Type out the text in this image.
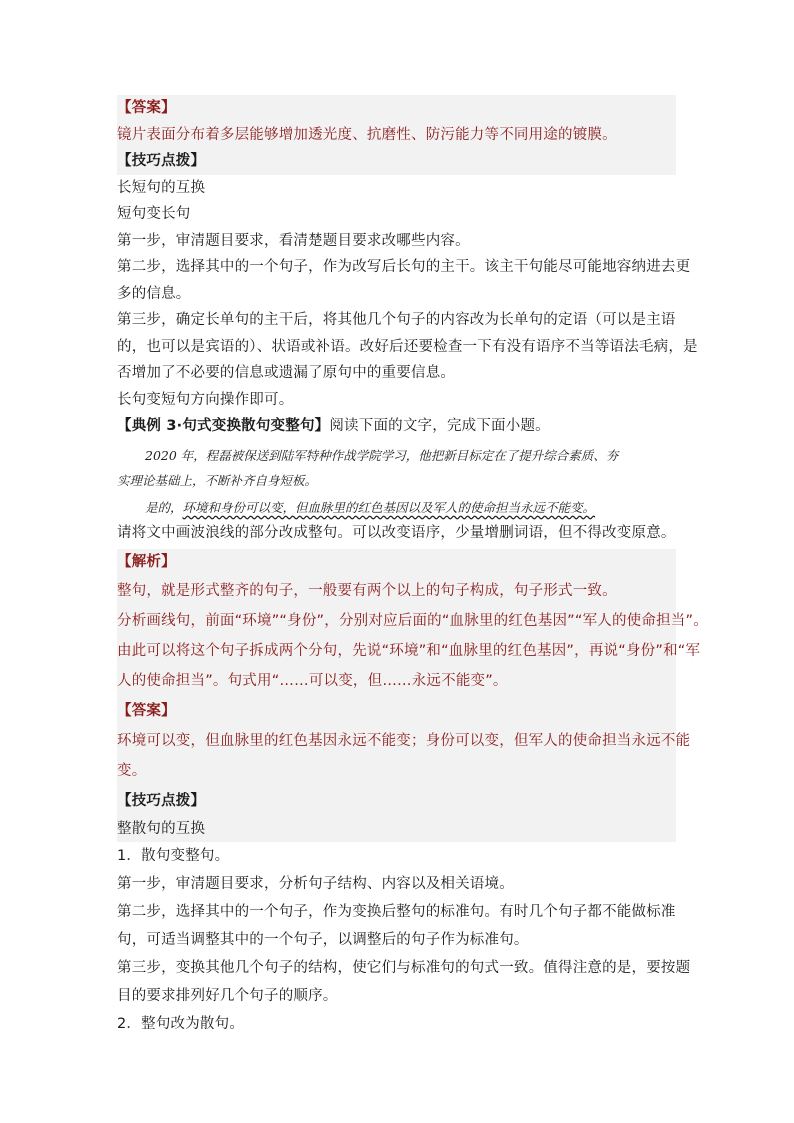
【答案】
镜片表面分布着多层能够增加透光度、抗磨性、防污能力等不同用途的镀膜。
【技巧点拨】
长短句的互换
短句变长句
第一步，审清题目要求，看清楚题目要求改哪些内容。
第二步，选择其中的一个句子，作为改写后长句的主干。该主干句能尽可能地容纳进去更
多的信息。
第三步，确定长单句的主干后，将其他几个句子的内容改为长单句的定语（可以是主语
的，也可以是宾语的）、状语或补语。改好后还要检查一下有没有语序不当等语法毛病，是
否增加了不必要的信息或遗漏了原句中的重要信息。
长句变短句方向操作即可。
【典例 3·句式变换散句变整句】阅读下面的文字，完成下面小题。
2020 年，程磊被保送到陆军特种作战学院学习，他把新目标定在了提升综合素质、夯
实理论基础上，不断补齐自身短板。
是的，环境和身份可以变，但血脉里的红色基因以及军人的使命担当永远不能变。
请将文中画波浪线的部分改成整句。可以改变语序，少量增删词语，但不得改变原意。
【解析】
整句，就是形式整齐的句子，一般要有两个以上的句子构成，句子形式一致。
分析画线句，前面“环境”“身份”，分别对应后面的“血脉里的红色基因”“军人的使命担当”。
由此可以将这个句子拆成两个分句，先说“环境”和“血脉里的红色基因”，再说“身份”和“军
人的使命担当”。句式用“……可以变，但……永远不能变”。
【答案】
环境可以变，但血脉里的红色基因永远不能变；身份可以变，但军人的使命担当永远不能
变。
【技巧点拨】
整散句的互换
1．散句变整句。
第一步，审清题目要求，分析句子结构、内容以及相关语境。
第二步，选择其中的一个句子，作为变换后整句的标准句。有时几个句子都不能做标准
句，可适当调整其中的一个句子，以调整后的句子作为标准句。
第三步，变换其他几个句子的结构，使它们与标准句的句式一致。值得注意的是，要按题
目的要求排列好几个句子的顺序。
2．整句改为散句。
